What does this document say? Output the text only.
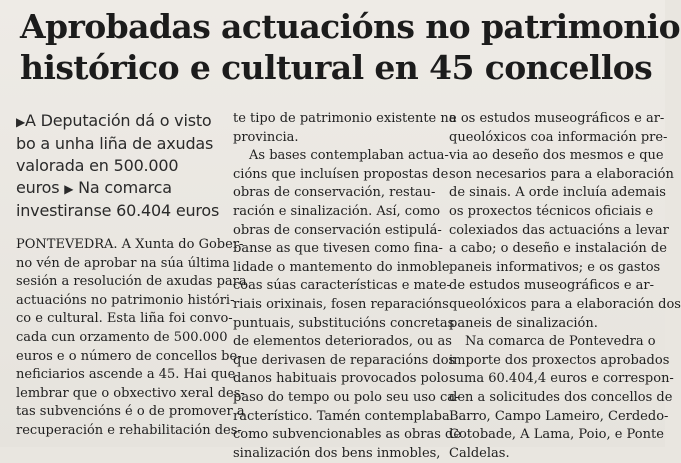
Aprobadas actuacións no patrimonio
histórico e cultural en 45 concellos
▶A Deputación dá o visto
bo a unha liña de axudas
valorada en 500.000
euros ▶ Na comarca
investiranse 60.404 euros
PONTEVEDRA. A Xunta do Gober-
no vén de aprobar na súa última
sesión a resolución de axudas para
actuacións no patrimonio históri-
co e cultural. Esta liña foi convo-
cada cun orzamento de 500.000
euros e o número de concellos be-
neficiarios ascende a 45. Hai que
lembrar que o obxectivo xeral des-
tas subvencións é o de promover a
recuperación e rehabilitación des-
te tipo de patrimonio existente na
provincia.
As bases contemplaban actua-
cións que incluísen propostas de
obras de conservación, restau-
ración e sinalización. Así, como
obras de conservación estipulá-
banse as que tivesen como fina-
lidade o mantemento do inmoble
coas súas características e mate-
riais orixinais, fosen reparacións
puntuais, substitucións concretas
de elementos deteriorados, ou as
que derivasen de reparacións dos
danos habituais provocados polo
paso do tempo ou polo seu uso ca-
racterístico. Tamén contemplaba
como subvencionables as obras de
sinalización dos bens inmobles,
e os estudos museográficos e ar-
queolóxicos coa información pre-
via ao deseño dos mesmos e que
son necesarios para a elaboración
de sinais. A orde incluía ademais
os proxectos técnicos oficiais e
colexiados das actuacións a levar
a cabo; o deseño e instalación de
paneis informativos; e os gastos
de estudos museográficos e ar-
queolóxicos para a elaboración dos
paneis de sinalización.
Na comarca de Pontevedra o
importe dos proxectos aprobados
suma 60.404,4 euros e correspon-
den a solicitudes dos concellos de
Barro, Campo Lameiro, Cerdedo-
Cotobade, A Lama, Poio, e Ponte
Caldelas.
